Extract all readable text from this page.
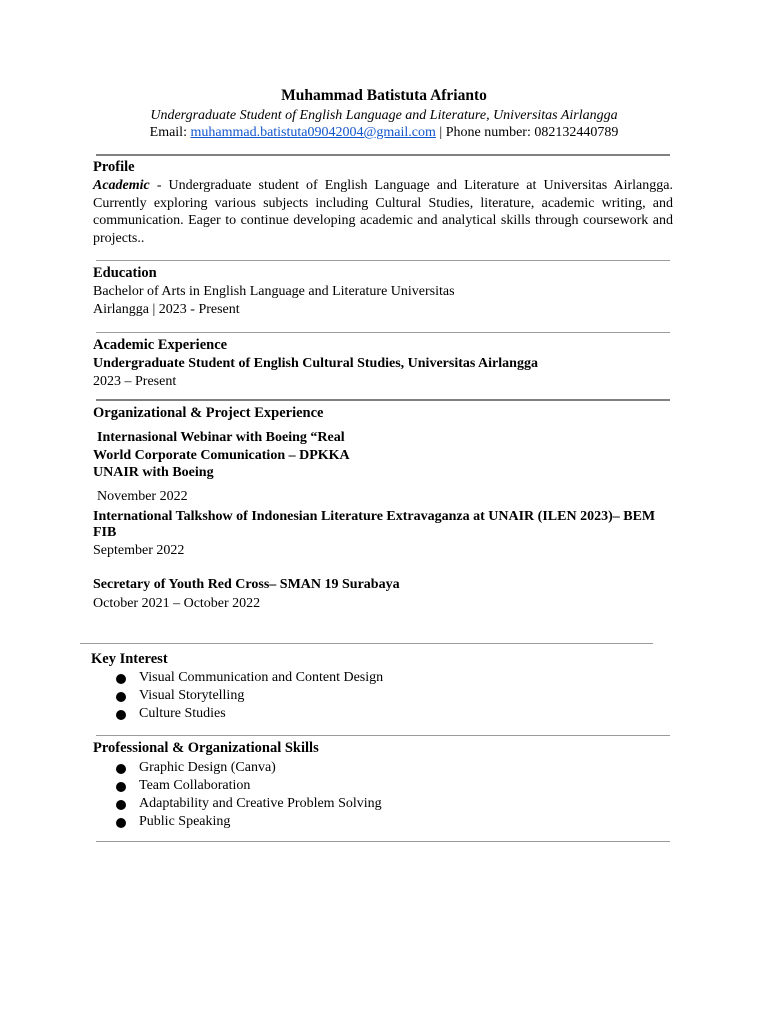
Muhammad Batistuta Afrianto
Undergraduate Student of English Language and Literature, Universitas Airlangga
Email: muhammad.batistuta09042004@gmail.com | Phone number: 082132440789
Profile
Academic - Undergraduate student of English Language and Literature at Universitas Airlangga. Currently exploring various subjects including Cultural Studies, literature, academic writing, and communication. Eager to continue developing academic and analytical skills through coursework and projects..
Education
Bachelor of Arts in English Language and Literature Universitas
Airlangga | 2023 - Present
Academic Experience
Undergraduate Student of English Cultural Studies, Universitas Airlangga
2023 – Present
Organizational & Project Experience
Internasional Webinar with Boeing “Real
World Corporate Comunication – DPKKA
UNAIR with Boeing
November 2022
International Talkshow of Indonesian Literature Extravaganza at UNAIR (ILEN 2023)– BEM
FIB
September 2022
Secretary of Youth Red Cross– SMAN 19 Surabaya
October 2021 – October 2022
Key Interest
Visual Communication and Content Design
Visual Storytelling
Culture Studies
Professional & Organizational Skills
Graphic Design (Canva)
Team Collaboration
Adaptability and Creative Problem Solving
Public Speaking
